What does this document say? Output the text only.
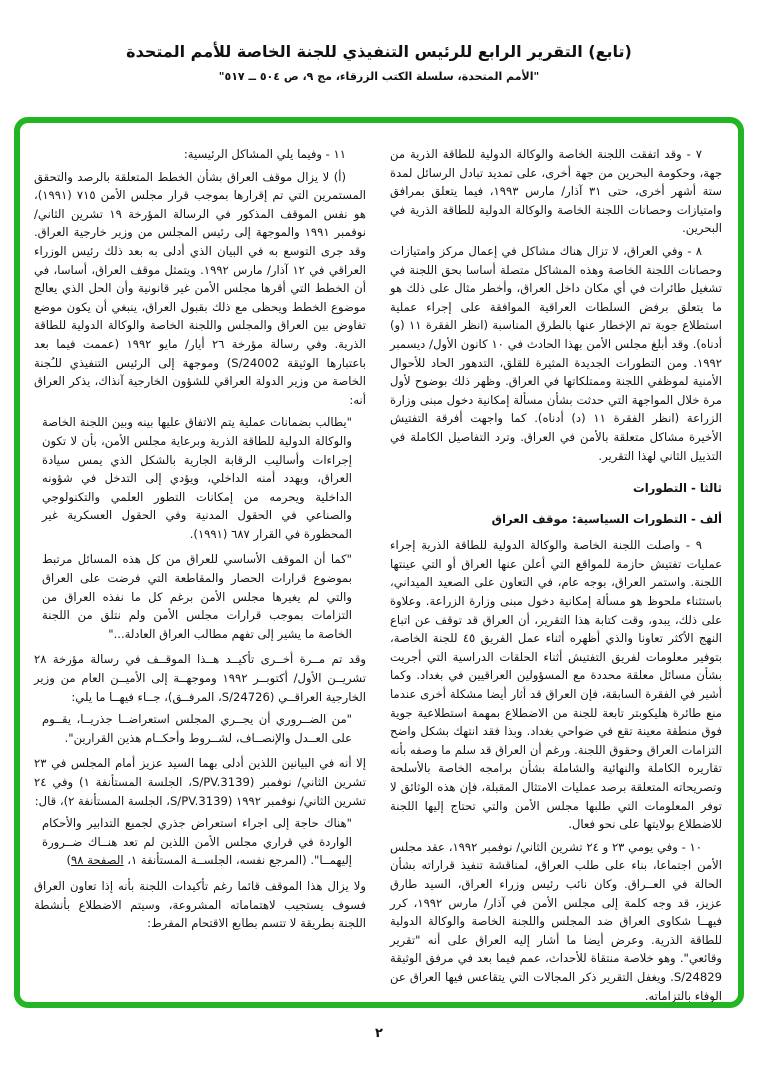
(تابع) التقرير الرابع للرئيس التنفيذي للجنة الخاصة للأمم المتحدة
"الأمم المتحدة، سلسلة الكتب الزرقاء، مج ٩، ص ٥٠٤ ــ ٥١٧"

٧ - وقد اتفقت اللجنة الخاصة والوكالة الدولية للطاقة الذرية من جهة، وحكومة البحرين من جهة أخرى، على تمديد تبادل الرسائل لمدة ستة أشهر أخرى، حتى ٣١ آذار/ مارس ١٩٩٣، فيما يتعلق بمرافق وامتيازات وحصانات اللجنة الخاصة والوكالة الدولية للطاقة الذرية في البحرين.

٨ - وفي العراق، لا تزال هناك مشاكل في إعمال مركز وامتيازات وحصانات اللجنة الخاصة وهذه المشاكل متصلة أساسا بحق اللجنة في تشغيل طائرات في أي مكان داخل العراق، وأخطر مثال على ذلك هو ما يتعلق برفض السلطات العراقية الموافقة على إجراء عملية استطلاع جوية تم الإخطار عنها بالطرق المناسبة (انظر الفقرة ١١ (و) أدناه). وقد أبلغ مجلس الأمن بهذا الحادث في ١٠ كانون الأول/ ديسمبر ١٩٩٢. ومن التطورات الجديدة المثيرة للقلق، التدهور الحاد للأحوال الأمنية لموظفي اللجنة وممتلكاتها في العراق. وظهر ذلك بوضوح لأول مرة خلال المواجهة التي حدثت بشأن مسألة إمكانية دخول مبنى وزارة الزراعة (انظر الفقرة ١١ (د) أدناه). كما واجهت أفرقة التفتيش الأخيرة مشاكل متعلقة بالأمن في العراق. وترد التفاصيل الكاملة في التذييل الثاني لهذا التقرير.

ثالثا - التطورات
ألف - التطورات السياسية: موقف العراق

٩ - واصلت اللجنة الخاصة والوكالة الدولية للطاقة الذرية إجراء عمليات تفتيش حازمة للمواقع التي أعلن عنها العراق أو التي عينتها اللجنة. واستمر العراق، بوجه عام، في التعاون على الصعيد الميداني، باستثناء ملحوظ هو مسألة إمكانية دخول مبنى وزارة الزراعة. وعلاوة على ذلك، يبدو، وقت كتابة هذا التقرير، أن العراق قد توقف عن اتباع النهج الأكثر تعاونا والذي أظهره أثناء عمل الفريق ٤٥ للجنة الخاصة، بتوفير معلومات لفريق التفتيش أثناء الحلقات الدراسية التي أجريت بشأن مسائل معلقة محددة مع المسؤولين العراقيين في بغداد. وكما أشير في الفقرة السابقة، فإن العراق قد أثار أيضا مشكلة أخرى عندما منع طائرة هليكوبتر تابعة للجنة من الاضطلاع بمهمة استطلاعية جوية فوق منطقة معينة تقع في ضواحي بغداد. وبذا فقد انتهك بشكل واضح التزامات العراق وحقوق اللجنة. ورغم أن العراق قد سلم ما وصفه بأنه تقاريره الكاملة والنهائية والشاملة بشأن برامجه الخاصة بالأسلحة وتصريحاته المتعلقة برصد عمليات الامتثال المقبلة، فإن هذه الوثائق لا توفر المعلومات التي طلبها مجلس الأمن والتي تحتاج إليها اللجنة للاضطلاع بولايتها على نحو فعال.

١٠ - وفي يومي ٢٣ و ٢٤ تشرين الثاني/ نوفمبر ١٩٩٢، عقد مجلس الأمن اجتماعا، بناء على طلب العراق، لمناقشة تنفيذ قراراته بشأن الحالة في العــراق. وكان نائب رئيس وزراء العراق، السيد طارق عزيز، قد وجه كلمة إلى مجلس الأمن في آذار/ مارس ١٩٩٢، كرر فيهــا شكاوى العراق ضد المجلس واللجنة الخاصة والوكالة الدولية للطاقة الذرية. وعرض أيضا ما أشار إليه العراق على أنه "تقرير وقائعي". وهو خلاصة منتقاة للأحداث، عمم فيما بعد في مرفق الوثيقة S/24829. ويغفل التقرير ذكر المجالات التي يتقاعس فيها العراق عن الوفاء بالتزاماته.

١١ - وفيما يلي المشاكل الرئيسية:

(أ) لا يزال موقف العراق بشأن الخطط المتعلقة بالرصد والتحقق المستمرين التي تم إقرارها بموجب قرار مجلس الأمن ٧١٥ (١٩٩١)، هو نفس الموقف المذكور في الرسالة المؤرخة ١٩ تشرين الثاني/ نوفمبر ١٩٩١ والموجهة إلى رئيس المجلس من وزير خارجية العراق. وقد جرى التوسع به في البيان الذي أدلى به بعد ذلك رئيس الوزراء العراقي في ١٢ آذار/ مارس ١٩٩٢. ويتمثل موقف العراق، أساسا، في أن الخطط التي أقرها مجلس الأمن غير قانونية وأن الحل الذي يعالج موضوع الخطط ويحظى مع ذلك بقبول العراق، ينبغي أن يكون موضع تفاوض بين العراق والمجلس واللجنة الخاصة والوكالة الدولية للطاقة الذرية. وفي رسالة مؤرخة ٢٦ أيار/ مايو ١٩٩٢ (عممت فيما بعد باعتبارها الوثيقة S/24002) وموجهة إلى الرئيس التنفيذي للـُجنة الخاصة من وزير الدولة العراقي للشؤون الخارجية آنذاك، يذكر العراق أنه:

"يطالب بضمانات عملية يتم الاتفاق عليها بينه وبين اللجنة الخاصة والوكالة الدولية للطاقة الذرية وبرعاية مجلس الأمن، بأن لا تكون إجراءات وأساليب الرقابة الجارية بالشكل الذي يمس سيادة العراق، ويهدد أمنه الداخلي، ويؤدي إلى التدخل في شؤونه الداخلية ويحرمه من إمكانات التطور العلمي والتكنولوجي والصناعي في الحقول المدنية وفي الحقول العسكرية غير المحظورة في القرار ٦٨٧ (١٩٩١).

"كما أن الموقف الأساسي للعراق من كل هذه المسائل مرتبط بموضوع قرارات الحصار والمقاطعة التي فرضت على العراق والتي لم يغيرها مجلس الأمن برغم كل ما نفذه العراق من التزامات بموجب قرارات مجلس الأمن ولم نتلق من اللجنة الخاصة ما يشير إلى تفهم مطالب العراق العادلة..."

وقد تم مــرة أخــرى تأكيــد هــذا الموقــف في رسالة مؤرخة ٢٨ تشريــن الأول/ أكتوبــر ١٩٩٢ وموجهــة إلى الأميــن العام من وزير الخارجية العراقــي (S/24726، المرفــق)، جــاء فيهــا ما يلي:

"من الضــروري أن يجــري المجلس استعراضــا جذريــا، يقــوم على العــدل والإنصــاف، لشــروط وأحكــام هذين القرارين".

إلا أنه في البيانين اللذين أدلى بهما السيد عزيز أمام المجلس في ٢٣ تشرين الثاني/ نوفمبر (S/PV.3139، الجلسة المستأنفة ١) وفي ٢٤ تشرين الثاني/ نوفمبر ١٩٩٢ (S/PV.3139، الجلسة المستأنفة ٢)، قال:

"هناك حاجة إلى اجراء استعراض جذري لجميع التدابير والأحكام الواردة في قراري مجلس الأمن اللذين لم تعد هنــاك ضــرورة إليهمــا". (المرجع نفسه، الجلســة المستأنفة ١، الصفحة ٩٨)

ولا يزال هذا الموقف قائما رغم تأكيدات اللجنة بأنه إذا تعاون العراق فسوف يستجيب لاهتماماته المشروعة، وسيتم الاضطلاع بأنشطة اللجنة بطريقة لا تتسم بطابع الاقتحام المفرط:

٢
